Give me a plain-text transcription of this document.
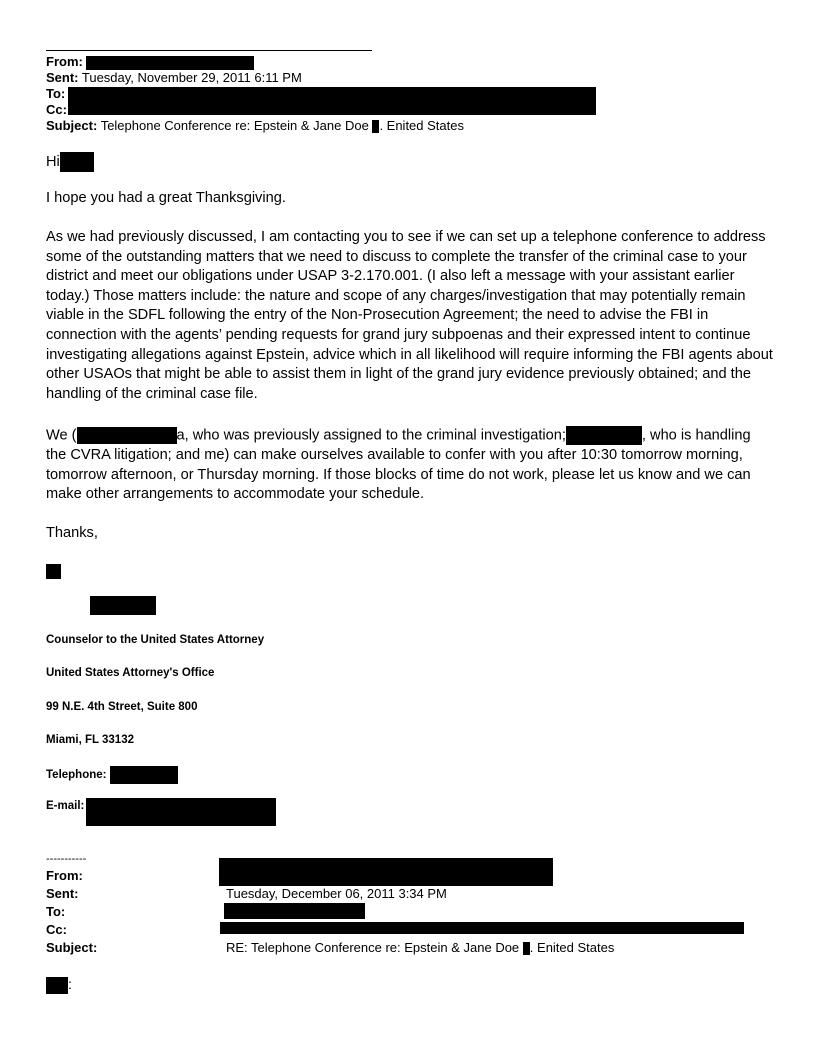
From:
Sent: Tuesday, November 29, 2011 6:11 PM
To:
Cc:
Subject: Telephone Conference re: Epstein & Jane Doe . Enited States
Hi
I hope you had a great Thanksgiving.
As we had previously discussed, I am contacting you to see if we can set up a telephone conference to address some of the outstanding matters that we need to discuss to complete the transfer of the criminal case to your district and meet our obligations under USAP 3-2.170.001. (I also left a message with your assistant earlier today.) Those matters include: the nature and scope of any charges/investigation that may potentially remain viable in the SDFL following the entry of the Non-Prosecution Agreement; the need to advise the FBI in connection with the agents’ pending requests for grand jury subpoenas and their expressed intent to continue investigating allegations against Epstein, advice which in all likelihood will require informing the FBI agents about other USAOs that might be able to assist them in light of the grand jury evidence previously obtained; and the handling of the criminal case file.
We (	a, who was previously assigned to the criminal investigation;	, who is handling the CVRA litigation; and me) can make ourselves available to confer with you after 10:30 tomorrow morning, tomorrow afternoon, or Thursday morning. If those blocks of time do not work, please let us know and we can make other arrangements to accommodate your schedule.
Thanks,
Counselor to the United States Attorney
United States Attorney's Office
99 N.E. 4th Street, Suite 800
Miami, FL 33132
Telephone:
E-mail:
-----------
From:
Sent:	Tuesday, December 06, 2011 3:34 PM
To:
Cc:
Subject:	RE: Telephone Conference re: Epstein & Jane Doe . Enited States
:
